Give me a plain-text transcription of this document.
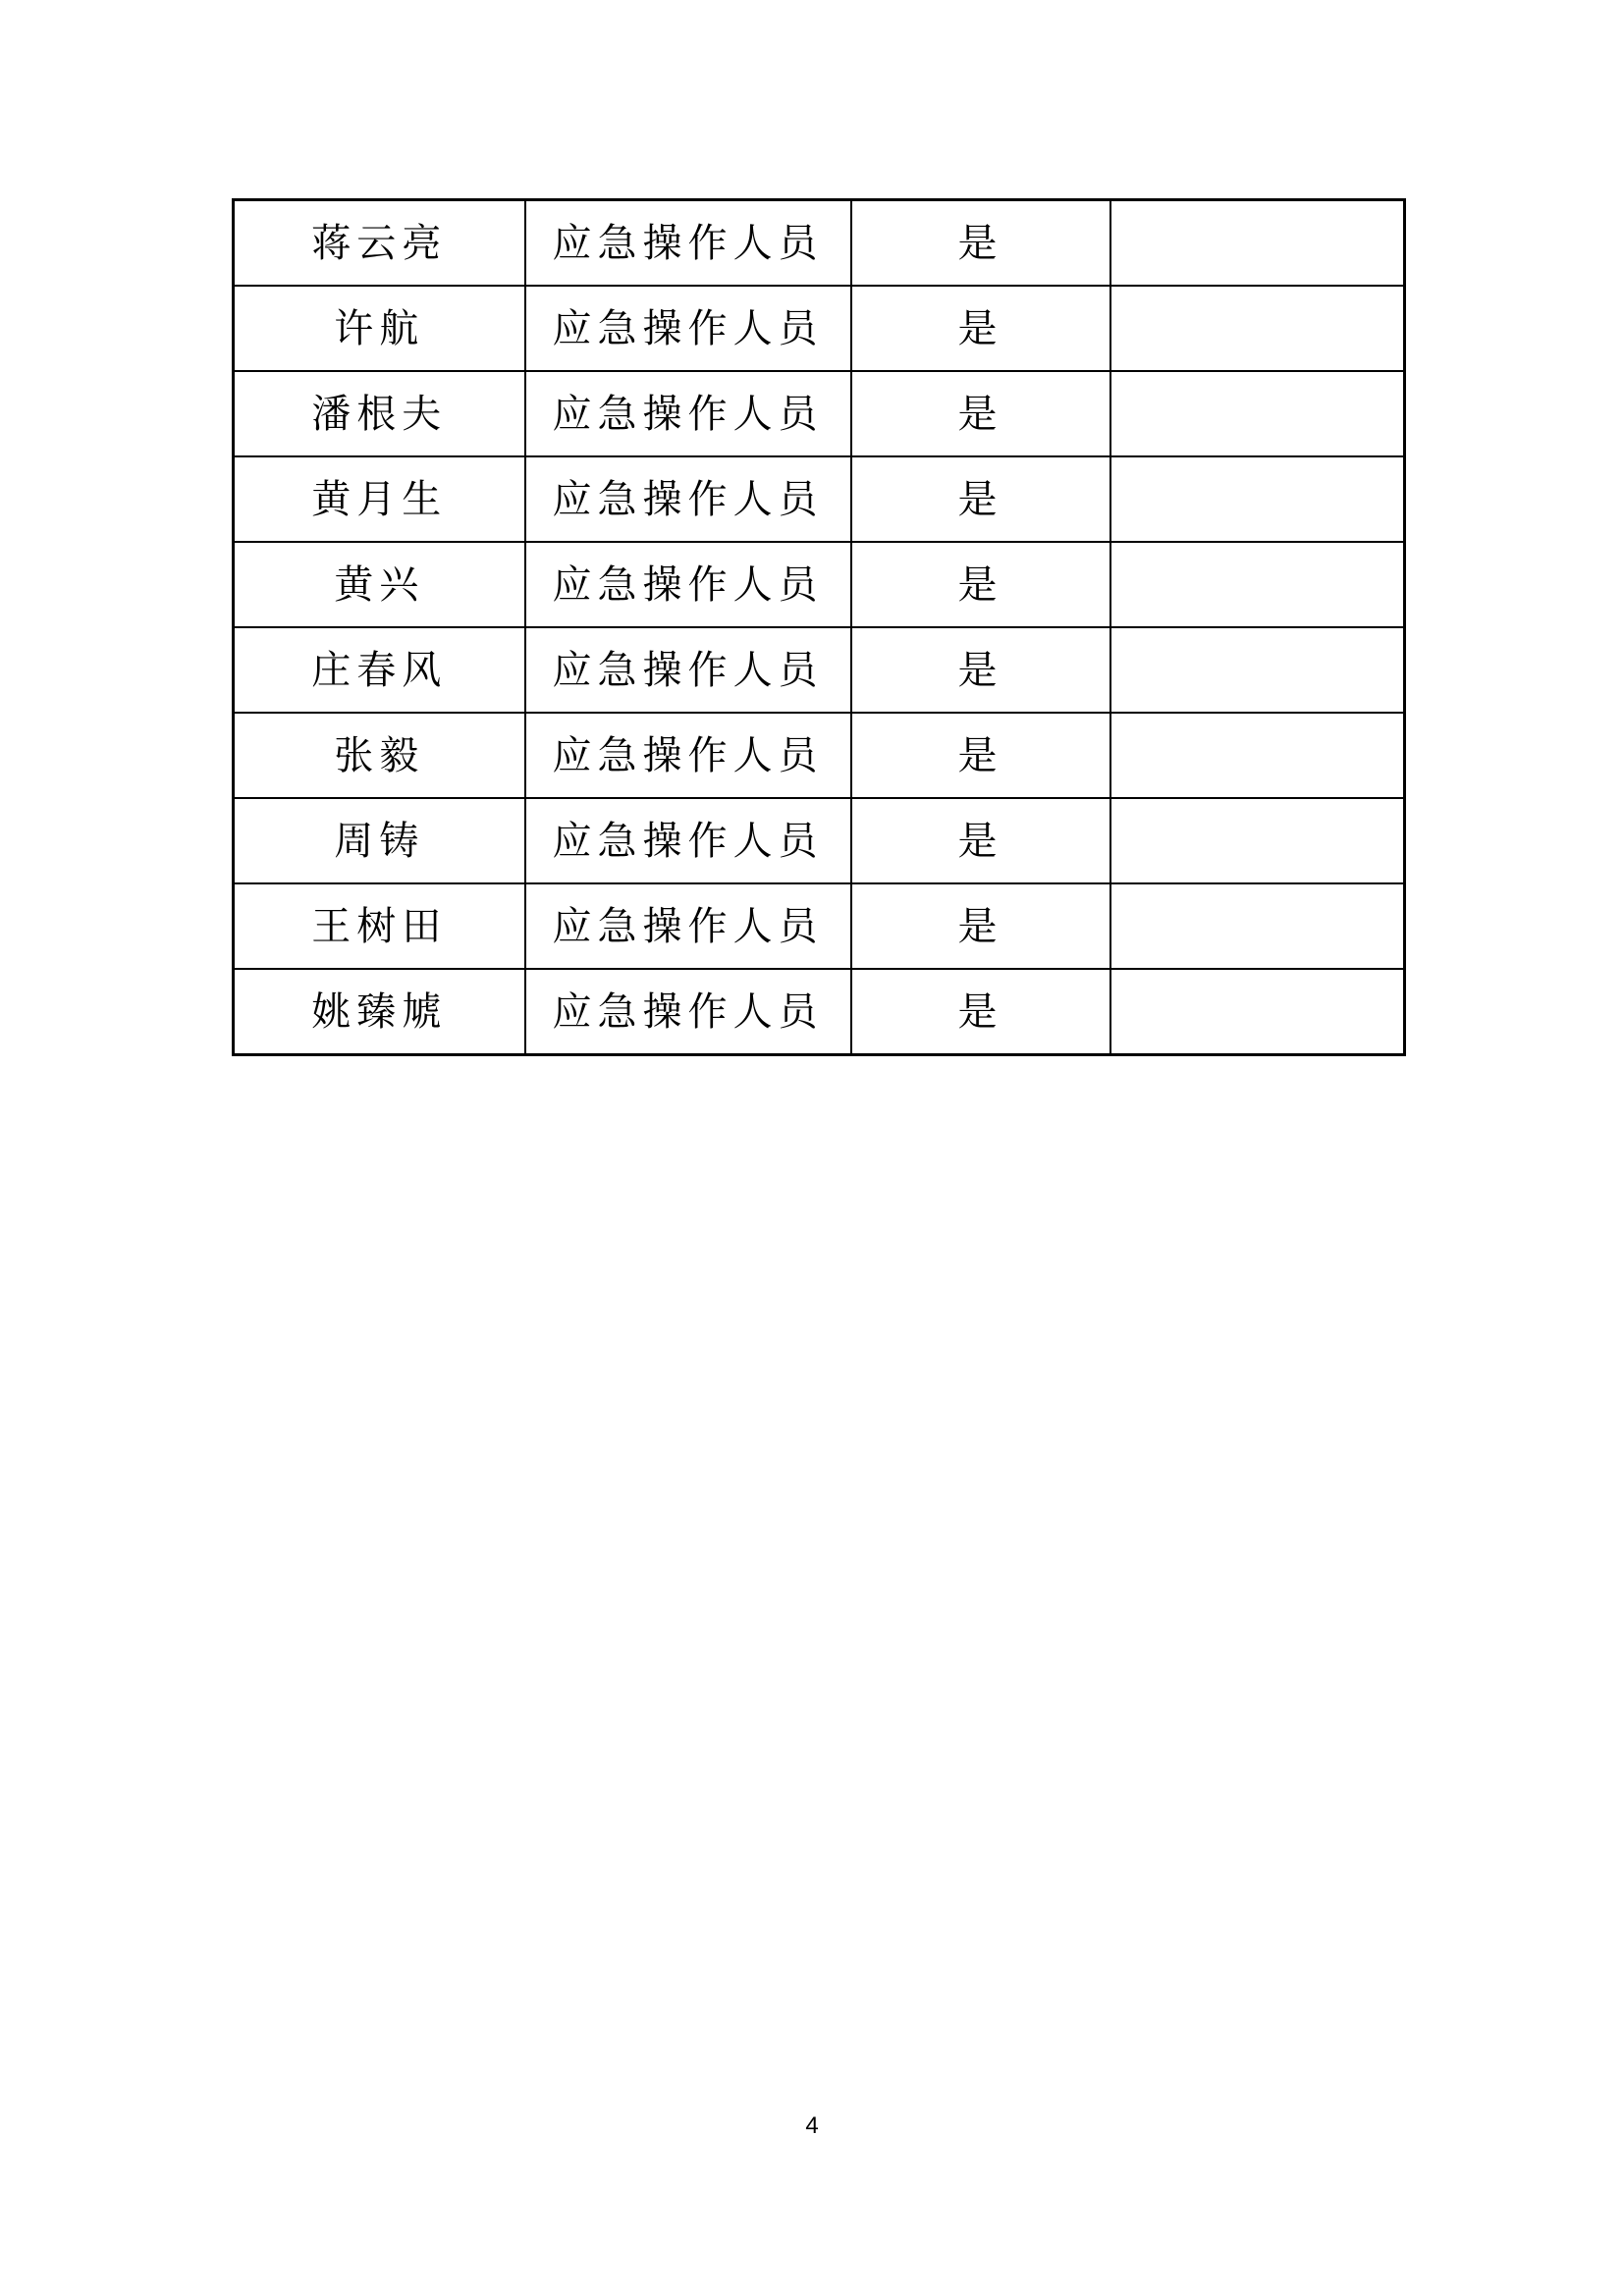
蒋云亮	应急操作人员	是	
许航	应急操作人员	是	
潘根夫	应急操作人员	是	
黄月生	应急操作人员	是	
黄兴	应急操作人员	是	
庄春风	应急操作人员	是	
张毅	应急操作人员	是	
周铸	应急操作人员	是	
王树田	应急操作人员	是	
姚臻虓	应急操作人员	是	
4
